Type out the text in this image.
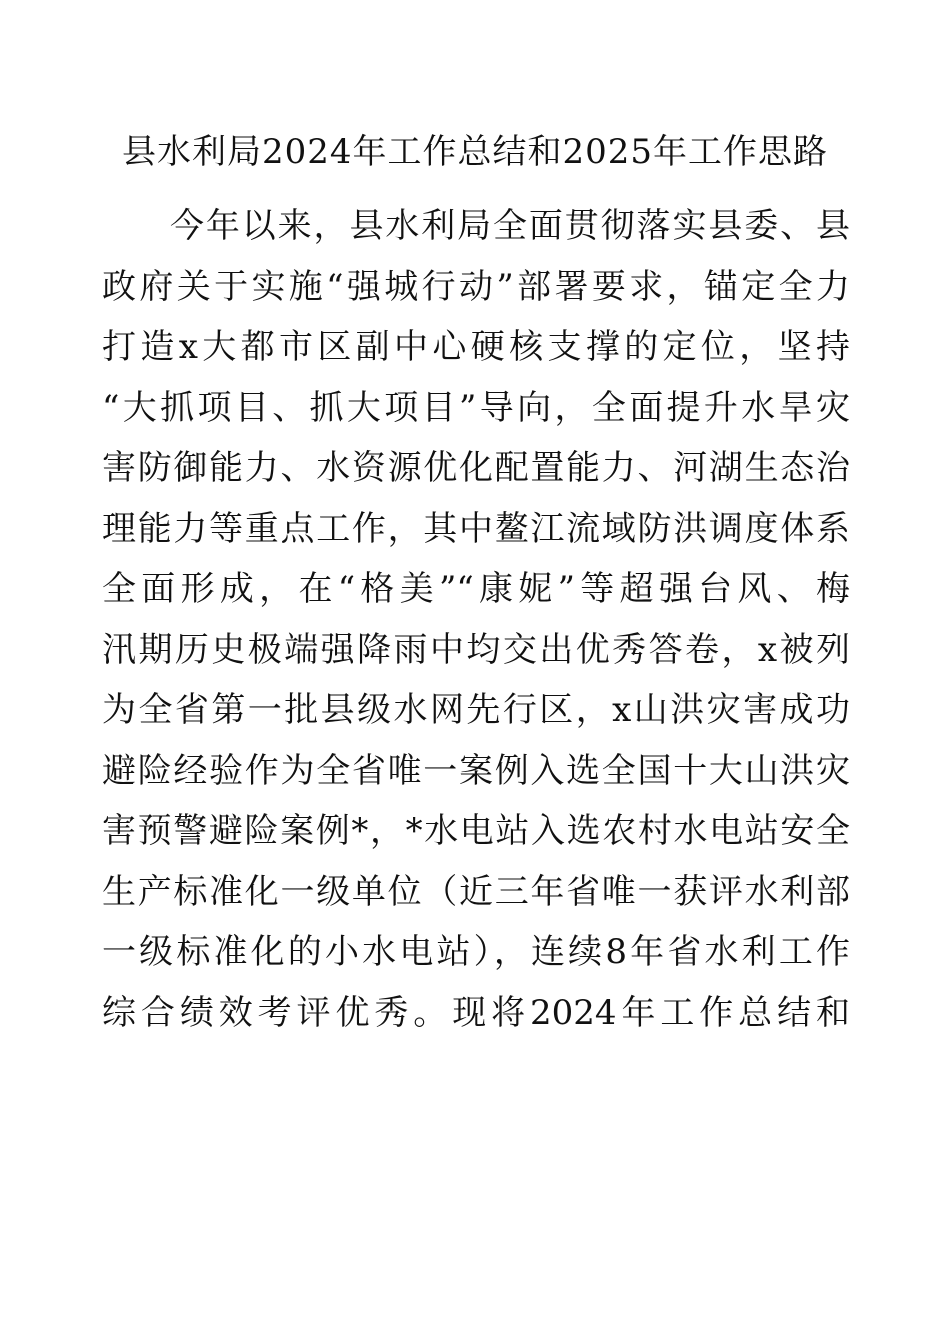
县水利局2024年工作总结和2025年工作思路
今年以来，县水利局全面贯彻落实县委、县
政府关于实施“强城行动”部署要求，锚定全力
打造x大都市区副中心硬核支撑的定位，坚持
“大抓项目、抓大项目”导向，全面提升水旱灾
害防御能力、水资源优化配置能力、河湖生态治
理能力等重点工作，其中鳌江流域防洪调度体系
全面形成，在“格美”“康妮”等超强台风、梅
汛期历史极端强降雨中均交出优秀答卷，x被列
为全省第一批县级水网先行区，x山洪灾害成功
避险经验作为全省唯一案例入选全国十大山洪灾
害预警避险案例*，*水电站入选农村水电站安全
生产标准化一级单位（近三年省唯一获评水利部
一级标准化的小水电站），连续8年省水利工作
综合绩效考评优秀。现将2024年工作总结和
